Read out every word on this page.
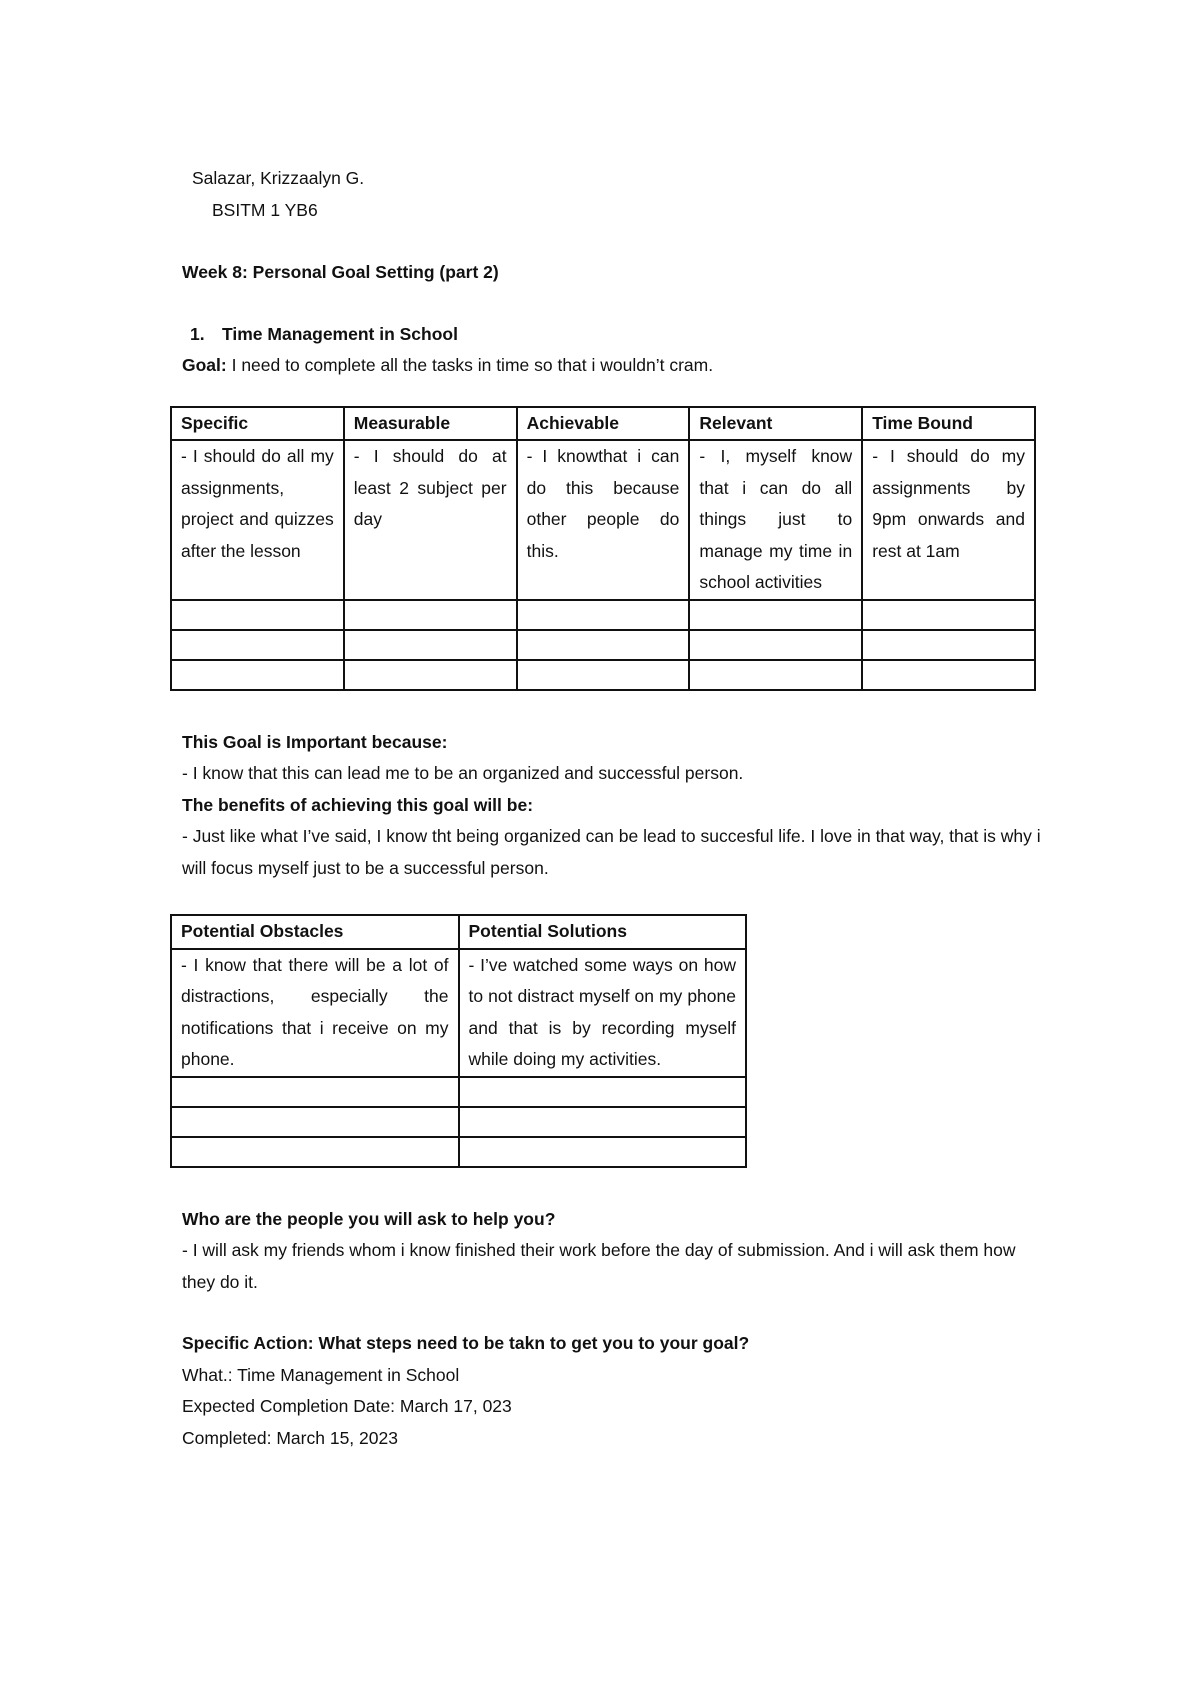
Salazar, Krizzaalyn G.

BSITM 1 YB6

Week 8: Personal Goal Setting (part 2)

1. Time Management in School

Goal: I need to complete all the tasks in time so that i wouldn’t cram.

Specific	Measurable	Achievable	Relevant	Time Bound
- I should do all my assignments, project and quizzes after the lesson	- I should do at least 2 subject per day	- I knowthat i can do this because other people do this.	- I, myself know that i can do all things just to manage my time in school activities	- I should do my assignments by 9pm onwards and rest at 1am

This Goal is Important because:

- I know that this can lead me to be an organized and successful person.

The benefits of achieving this goal will be:

- Just like what I’ve said, I know tht being organized can be lead to succesful life. I love in that way, that is why i will focus myself just to be a successful person.

Potential Obstacles	Potential Solutions
- I know that there will be a lot of distractions, especially the notifications that i receive on my phone.	- I’ve watched some ways on how to not distract myself on my phone and that is by recording myself while doing my activities.

Who are the people you will ask to help you?

- I will ask my friends whom i know finished their work before the day of submission. And i will ask them how they do it.

Specific Action: What steps need to be takn to get you to your goal?

What.: Time Management in School

Expected Completion Date: March 17, 023

Completed: March 15, 2023
